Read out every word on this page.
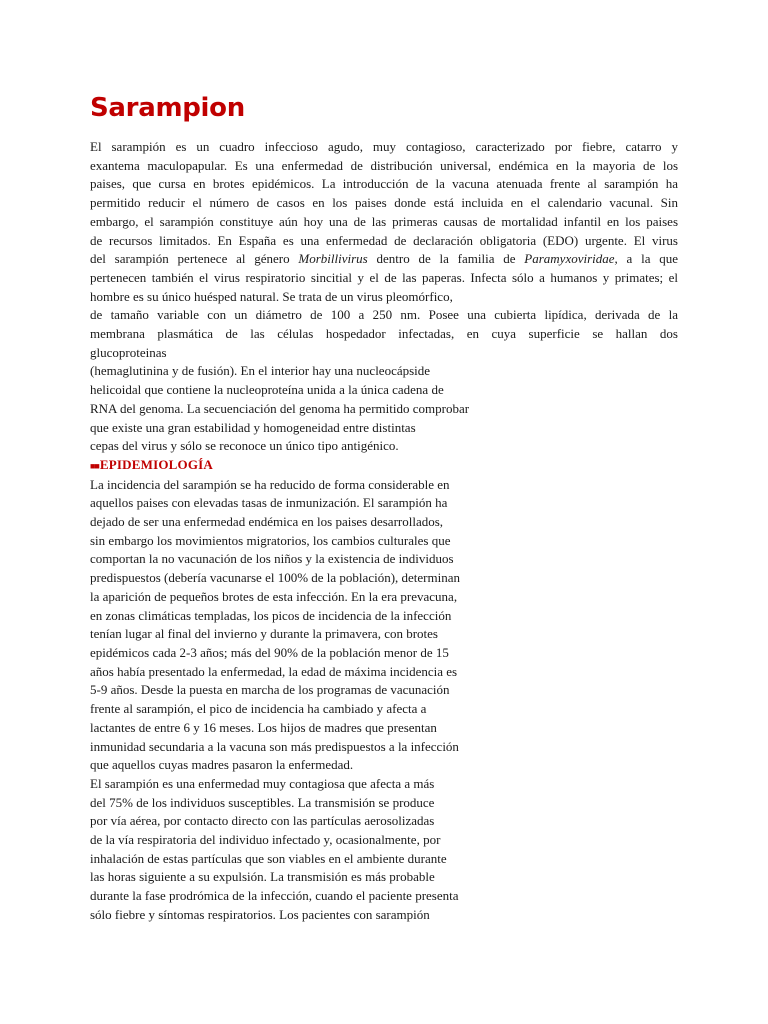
Sarampion

El sarampión es un cuadro infeccioso agudo, muy contagioso, caracterizado por fiebre, catarro y

exantema maculopapular. Es una enfermedad de distribución universal, endémica en la mayoria de los

paises, que cursa en brotes epidémicos. La introducción de la vacuna atenuada frente al sarampión ha

permitido reducir el número de casos en los paises donde está incluida en el calendario vacunal. Sin

embargo, el sarampión constituye aún hoy una de las primeras causas de mortalidad infantil en los paises

de recursos limitados. En España es una enfermedad de declaración obligatoria (EDO) urgente. El virus

del sarampión pertenece al género Morbillivirus dentro de la familia de Paramyxoviridae, a la que

pertenecen también el virus respiratorio sincitial y el de las paperas. Infecta sólo a humanos y primates; el

hombre es su único huésped natural. Se trata de un virus pleomórfico,

de tamaño variable con un diámetro de 100 a 250 nm. Posee una cubierta lipídica, derivada de la

membrana plasmática de las células hospedador infectadas, en cuya superficie se hallan dos

glucoproteinas

(hemaglutinina y de fusión). En el interior hay una nucleocápside

helicoidal que contiene la nucleoproteína unida a la única cadena de

RNA del genoma. La secuenciación del genoma ha permitido comprobar

que existe una gran estabilidad y homogeneidad entre distintas

cepas del virus y sólo se reconoce un único tipo antigénico.

■■EPIDEMIOLOGÍA

La incidencia del sarampión se ha reducido de forma considerable en

aquellos paises con elevadas tasas de inmunización. El sarampión ha

dejado de ser una enfermedad endémica en los paises desarrollados,

sin embargo los movimientos migratorios, los cambios culturales que

comportan la no vacunación de los niños y la existencia de individuos

predispuestos (debería vacunarse el 100% de la población), determinan

la aparición de pequeños brotes de esta infección. En la era prevacuna,

en zonas climáticas templadas, los picos de incidencia de la infección

tenían lugar al final del invierno y durante la primavera, con brotes

epidémicos cada 2-3 años; más del 90% de la población menor de 15

años había presentado la enfermedad, la edad de máxima incidencia es

5-9 años. Desde la puesta en marcha de los programas de vacunación

frente al sarampión, el pico de incidencia ha cambiado y afecta a

lactantes de entre 6 y 16 meses. Los hijos de madres que presentan

inmunidad secundaria a la vacuna son más predispuestos a la infección

que aquellos cuyas madres pasaron la enfermedad.

El sarampión es una enfermedad muy contagiosa que afecta a más

del 75% de los individuos susceptibles. La transmisión se produce

por vía aérea, por contacto directo con las partículas aerosolizadas

de la vía respiratoria del individuo infectado y, ocasionalmente, por

inhalación de estas partículas que son viables en el ambiente durante

las horas siguiente a su expulsión. La transmisión es más probable

durante la fase prodrómica de la infección, cuando el paciente presenta

sólo fiebre y síntomas respiratorios. Los pacientes con sarampión
